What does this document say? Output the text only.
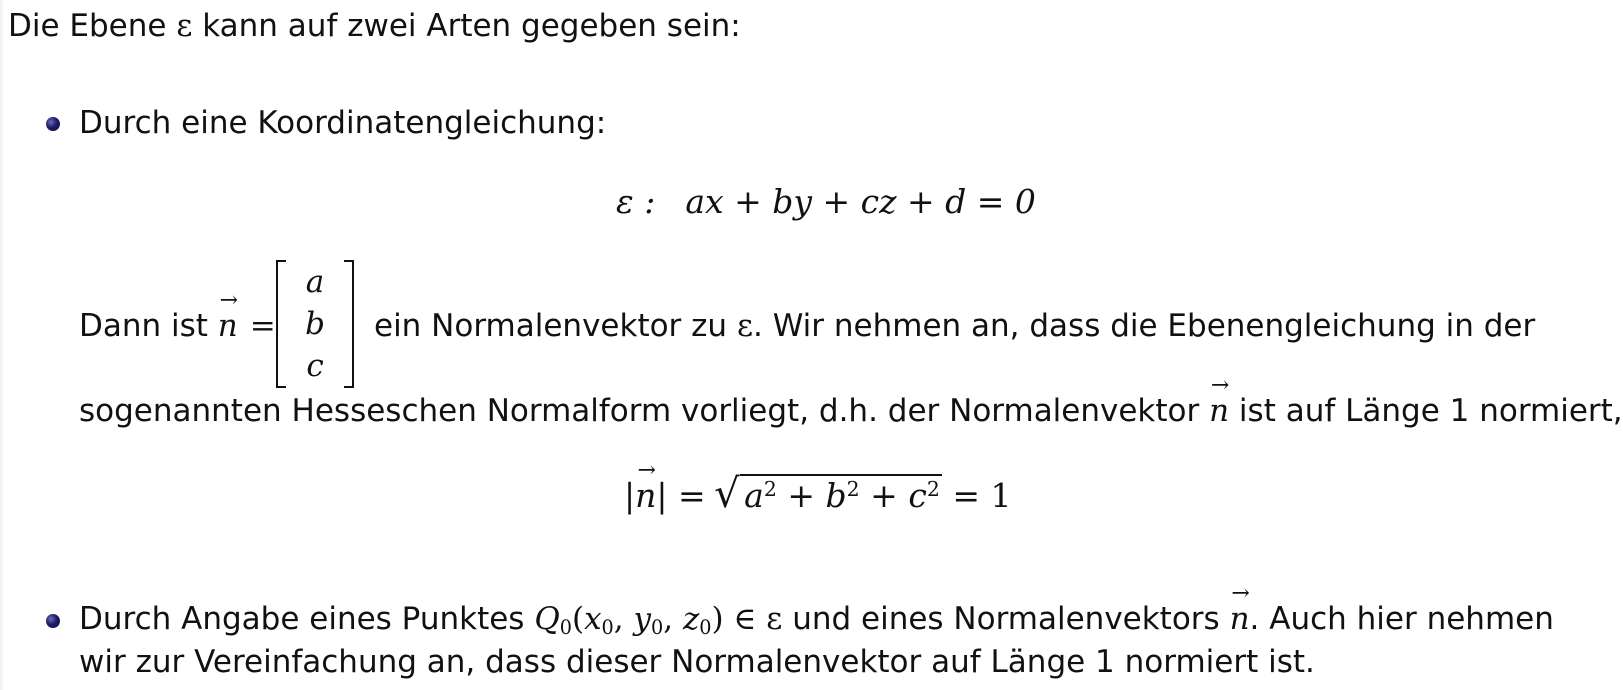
Die Ebene ε kann auf zwei Arten gegeben sein:
Durch eine Koordinatengleichung:
ε : ax + by + cz + d = 0
Dann ist
→
n =
a
b
c
ein Normalenvektor zu ε. Wir nehmen an, dass die Ebenengleichung in der
sogenannten Hesseschen Normalform vorliegt, d.h. der Normalenvektor
→
n ist auf Länge 1 normiert,
|
→
n| = √ $a^2 + b^2 + c^2 = 1$
Durch Angabe eines Punktes $Q_0(x_0$, $y_0$, $z_0$) ∈ ε und eines Normalenvektors
→
n. Auch hier nehmen
wir zur Vereinfachung an, dass dieser Normalenvektor auf Länge 1 normiert ist.
